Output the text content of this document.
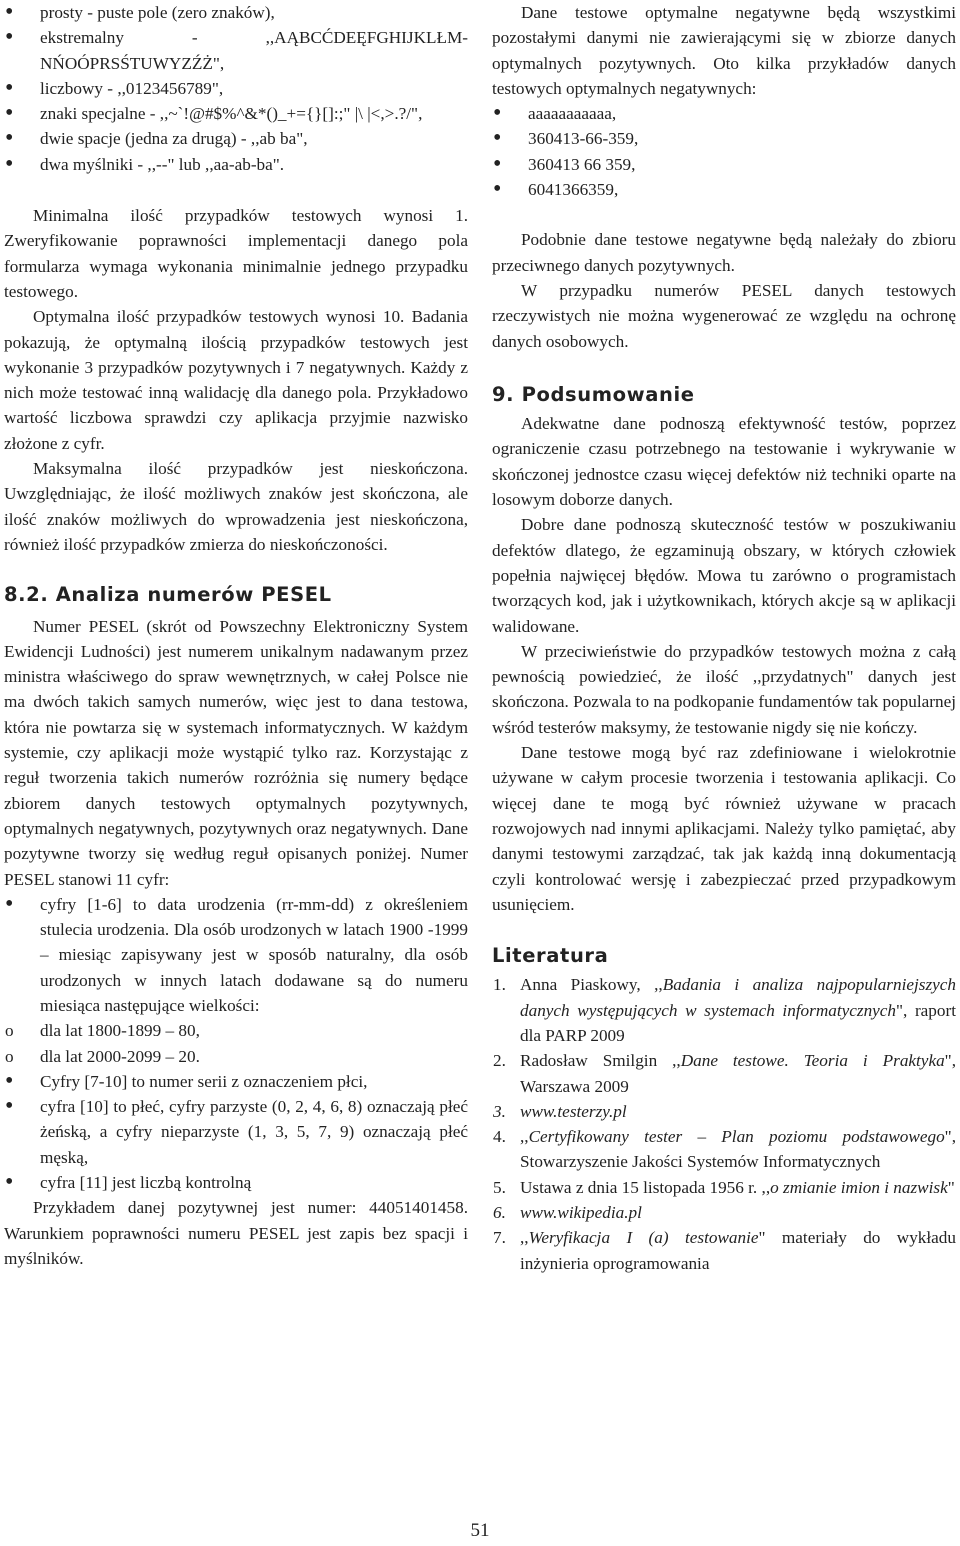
• prosty - puste pole (zero znaków),
• ekstremalny - ,,AĄBCĆDEĘFGHIJKLŁM-NŃOÓPRSŚTUWYZŹŻ",
• liczbowy - ,,0123456789",
• znaki specjalne - ,,~`!@#$%^&*()_+={}[]:;" |\ |<,>.?/",
• dwie spacje (jedna za drugą) - ,,ab ba",
• dwa myślniki - ,,--" lub ,,aa-ab-ba".

Minimalna ilość przypadków testowych wynosi 1. Zweryfikowanie poprawności implementacji danego pola formularza wymaga wykonania minimalnie jednego przypadku testowego.

Optymalna ilość przypadków testowych wynosi 10. Badania pokazują, że optymalną ilością przypadków testowych jest wykonanie 3 przypadków pozytywnych i 7 negatywnych. Każdy z nich może testować inną walidację dla danego pola. Przykładowo wartość liczbowa sprawdzi czy aplikacja przyjmie nazwisko złożone z cyfr.

Maksymalna ilość przypadków jest nieskończona. Uwzględniając, że ilość możliwych znaków jest skończona, ale ilość znaków możliwych do wprowadzenia jest nieskończona, również ilość przypadków zmierza do nieskończoności.

8.2. Analiza numerów PESEL

Numer PESEL (skrót od Powszechny Elektroniczny System Ewidencji Ludności) jest numerem unikalnym nadawanym przez ministra właściwego do spraw wewnętrznych, w całej Polsce nie ma dwóch takich samych numerów, więc jest to dana testowa, która nie powtarza się w systemach informatycznych. W każdym systemie, czy aplikacji może wystąpić tylko raz. Korzystając z reguł tworzenia takich numerów rozróżnia się numery będące zbiorem danych testowych optymalnych pozytywnych, optymalnych negatywnych, pozytywnych oraz negatywnych. Dane pozytywne tworzy się według reguł opisanych poniżej. Numer PESEL stanowi 11 cyfr:

• cyfry [1-6] to data urodzenia (rr-mm-dd) z określeniem stulecia urodzenia. Dla osób urodzonych w latach 1900 -1999 – miesiąc zapisywany jest w sposób naturalny, dla osób urodzonych w innych latach dodawane są do numeru miesiąca następujące wielkości:
o dla lat 1800-1899 – 80,
o dla lat 2000-2099 – 20.
• Cyfry [7-10] to numer serii z oznaczeniem płci,
• cyfra [10] to płeć, cyfry parzyste (0, 2, 4, 6, 8) oznaczają płeć żeńską, a cyfry nieparzyste (1, 3, 5, 7, 9) oznaczają płeć męską,
• cyfra [11] jest liczbą kontrolną

Przykładem danej pozytywnej jest numer: 44051401458. Warunkiem poprawności numeru PESEL jest zapis bez spacji i myślników.

Dane testowe optymalne negatywne będą wszystkimi pozostałymi danymi nie zawierającymi się w zbiorze danych optymalnych pozytywnych. Oto kilka przykładów danych testowych optymalnych negatywnych:

• aaaaaaaaaaa,
• 360413-66-359,
• 360413 66 359,
• 6041366359,

Podobnie dane testowe negatywne będą należały do zbioru przeciwnego danych pozytywnych.

W przypadku numerów PESEL danych testowych rzeczywistych nie można wygenerować ze względu na ochronę danych osobowych.

9. Podsumowanie

Adekwatne dane podnoszą efektywność testów, poprzez ograniczenie czasu potrzebnego na testowanie i wykrywanie w skończonej jednostce czasu więcej defektów niż techniki oparte na losowym doborze danych.

Dobre dane podnoszą skuteczność testów w poszukiwaniu defektów dlatego, że egzaminują obszary, w których człowiek popełnia najwięcej błędów. Mowa tu zarówno o programistach tworzących kod, jak i użytkownikach, których akcje są w aplikacji walidowane.

W przeciwieństwie do przypadków testowych można z całą pewnością powiedzieć, że ilość ,,przydatnych" danych jest skończona. Pozwala to na podkopanie fundamentów tak popularnej wśród testerów maksymy, że testowanie nigdy się nie kończy.

Dane testowe mogą być raz zdefiniowane i wielokrotnie używane w całym procesie tworzenia i testowania aplikacji. Co więcej dane te mogą być również używane w pracach rozwojowych nad innymi aplikacjami. Należy tylko pamiętać, aby danymi testowymi zarządzać, tak jak każdą inną dokumentacją czyli kontrolować wersję i zabezpieczać przed przypadkowym usunięciem.

Literatura
1. Anna Piaskowy, ,,Badania i analiza najpopularniejszych danych występujących w systemach informatycznych", raport dla PARP 2009
2. Radosław Smilgin ,,Dane testowe. Teoria i Praktyka", Warszawa 2009
3. www.testerzy.pl
4. ,,Certyfikowany tester – Plan poziomu podstawowego", Stowarzyszenie Jakości Systemów Informatycznych
5. Ustawa z dnia 15 listopada 1956 r. ,,o zmianie imion i nazwisk"
6. www.wikipedia.pl
7. ,,Weryfikacja I (a) testowanie" materiały do wykładu inżynieria oprogramowania
51
